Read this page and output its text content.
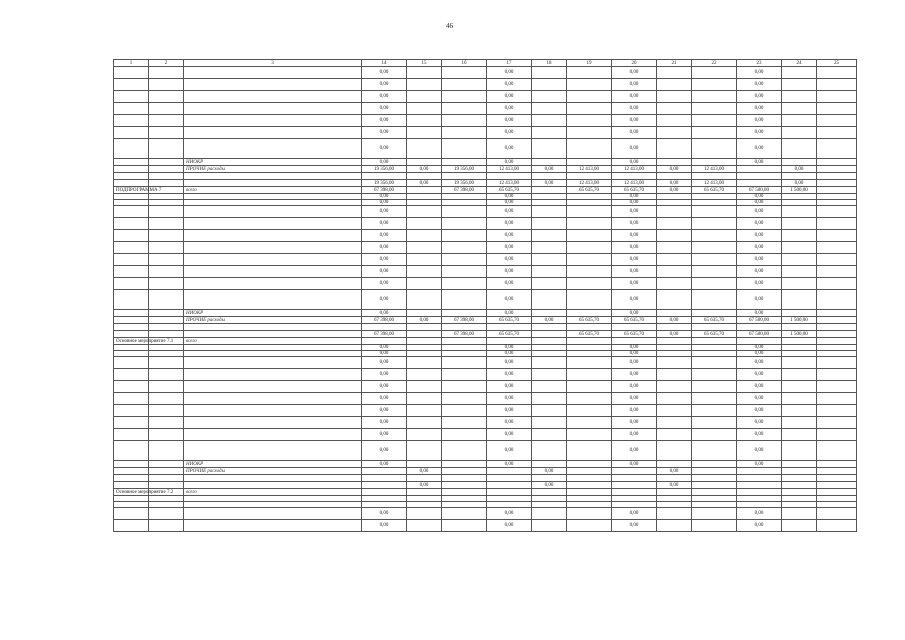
46
1	2	3	14	15	16	17	18	19	20	21	22	23	24	25
			0,00			0,00			0,00			0,00		
			0,00			0,00			0,00			0,00		
			0,00			0,00			0,00			0,00		
			0,00			0,00			0,00			0,00		
			0,00			0,00			0,00			0,00		
			0,00			0,00			0,00			0,00		
			0,00			0,00			0,00			0,00		
		НИОКР	0,00			0,00			0,00			0,00		
		ПРОЧИЕ расходы	19 356,00	0,00	19 356,00	12 413,00	0,00	12 413,00	12 413,00	0,00	12 413,00		0,00	

			19 356,00	0,00	19 356,00	12 413,00	0,00	12 413,00	12 413,00	0,00	12 413,00		0,00	
ПОДПРОГРАММА 7		всего	67 398,00		67 398,00	65 635,70		65 635,70	65 635,70	0,00	65 635,70	67 500,00	1 500,00	
			0,00			0,00			0,00			0,00		
			0,00			0,00			0,00			0,00		
			0,00			0,00			0,00			0,00		
			0,00			0,00			0,00			0,00		
			0,00			0,00			0,00			0,00		
			0,00			0,00			0,00			0,00		
			0,00			0,00			0,00			0,00		
			0,00			0,00			0,00			0,00		
			0,00			0,00			0,00			0,00		
			0,00			0,00			0,00			0,00		
		НИОКР	0,00			0,00			0,00			0,00		
		ПРОЧИЕ расходы	67 398,00	0,00	67 398,00	65 635,70	0,00	65 635,70	65 635,70	0,00	65 635,70	67 500,00	1 500,00	

			67 398,00		67 398,00	65 635,70		65 635,70	65 635,70	0,00	65 635,70	67 500,00	1 500,00	
Основное мероприятие 7.1		всего												
			0,00			0,00			0,00			0,00		
			0,00			0,00			0,00			0,00		
			0,00			0,00			0,00			0,00		
			0,00			0,00			0,00			0,00		
			0,00			0,00			0,00			0,00		
			0,00			0,00			0,00			0,00		
			0,00			0,00			0,00			0,00		
			0,00			0,00			0,00			0,00		
			0,00			0,00			0,00			0,00		
			0,00			0,00			0,00			0,00		
		НИОКР	0,00			0,00			0,00			0,00		
		ПРОЧИЕ расходы		0,00			0,00			0,00				

				0,00			0,00			0,00				
Основное мероприятие 7.2		всего												

			0,00			0,00			0,00			0,00		
			0,00			0,00			0,00			0,00		
